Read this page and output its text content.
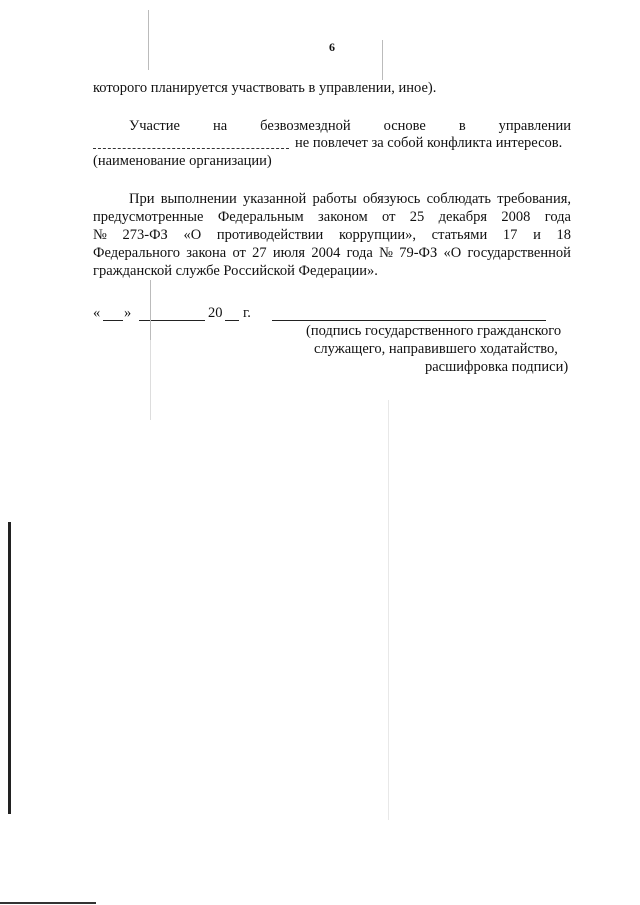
6
которого планируется участвовать в управлении, иное).
Участие на безвозмездной основе в управлении
не повлечет за собой конфликта интересов.
(наименование организации)
При выполнении указанной работы обязуюсь соблюдать требования,
предусмотренные Федеральным законом от 25 декабря 2008 года
№ 273-ФЗ «О противодействии коррупции», статьями 17 и 18
Федерального закона от 27 июля 2004 года № 79-ФЗ «О государственной
гражданской службе Российской Федерации».
« »	20 г.
(подпись государственного гражданского
служащего, направившего ходатайство,
расшифровка подписи)
